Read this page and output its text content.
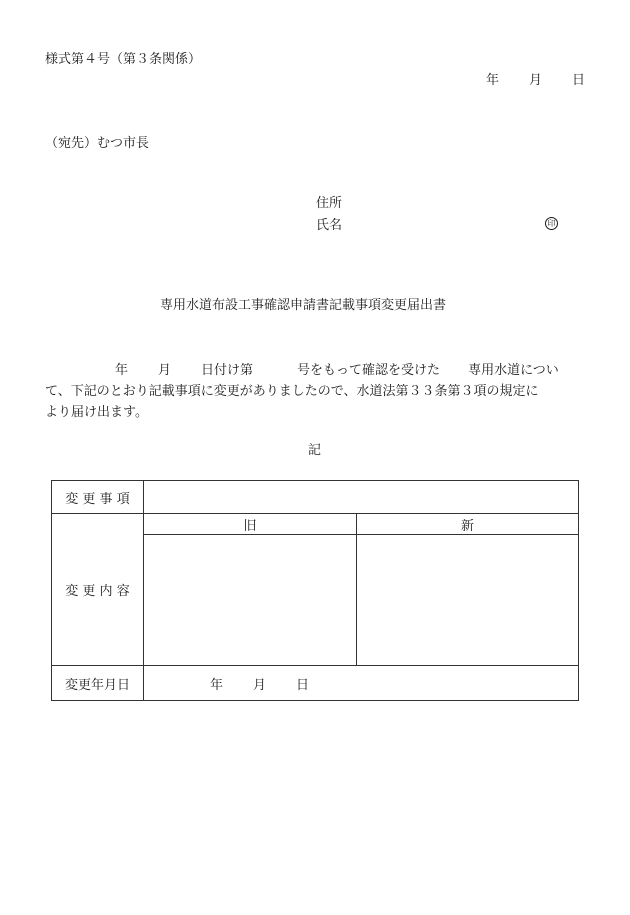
様式第４号（第３条関係）
年 月 日
（宛先）むつ市長
住所
氏名	印
専用水道布設工事確認申請書記載事項変更届出書
年 月 日付け第	号をもって確認を受けた 専用水道につい
て、下記のとおり記載事項に変更がありましたので、水道法第３３条第３項の規定に
より届け出ます。
記
変 更 事 項		
変 更 内 容	旧	新

変更年月日	年 月 日	
